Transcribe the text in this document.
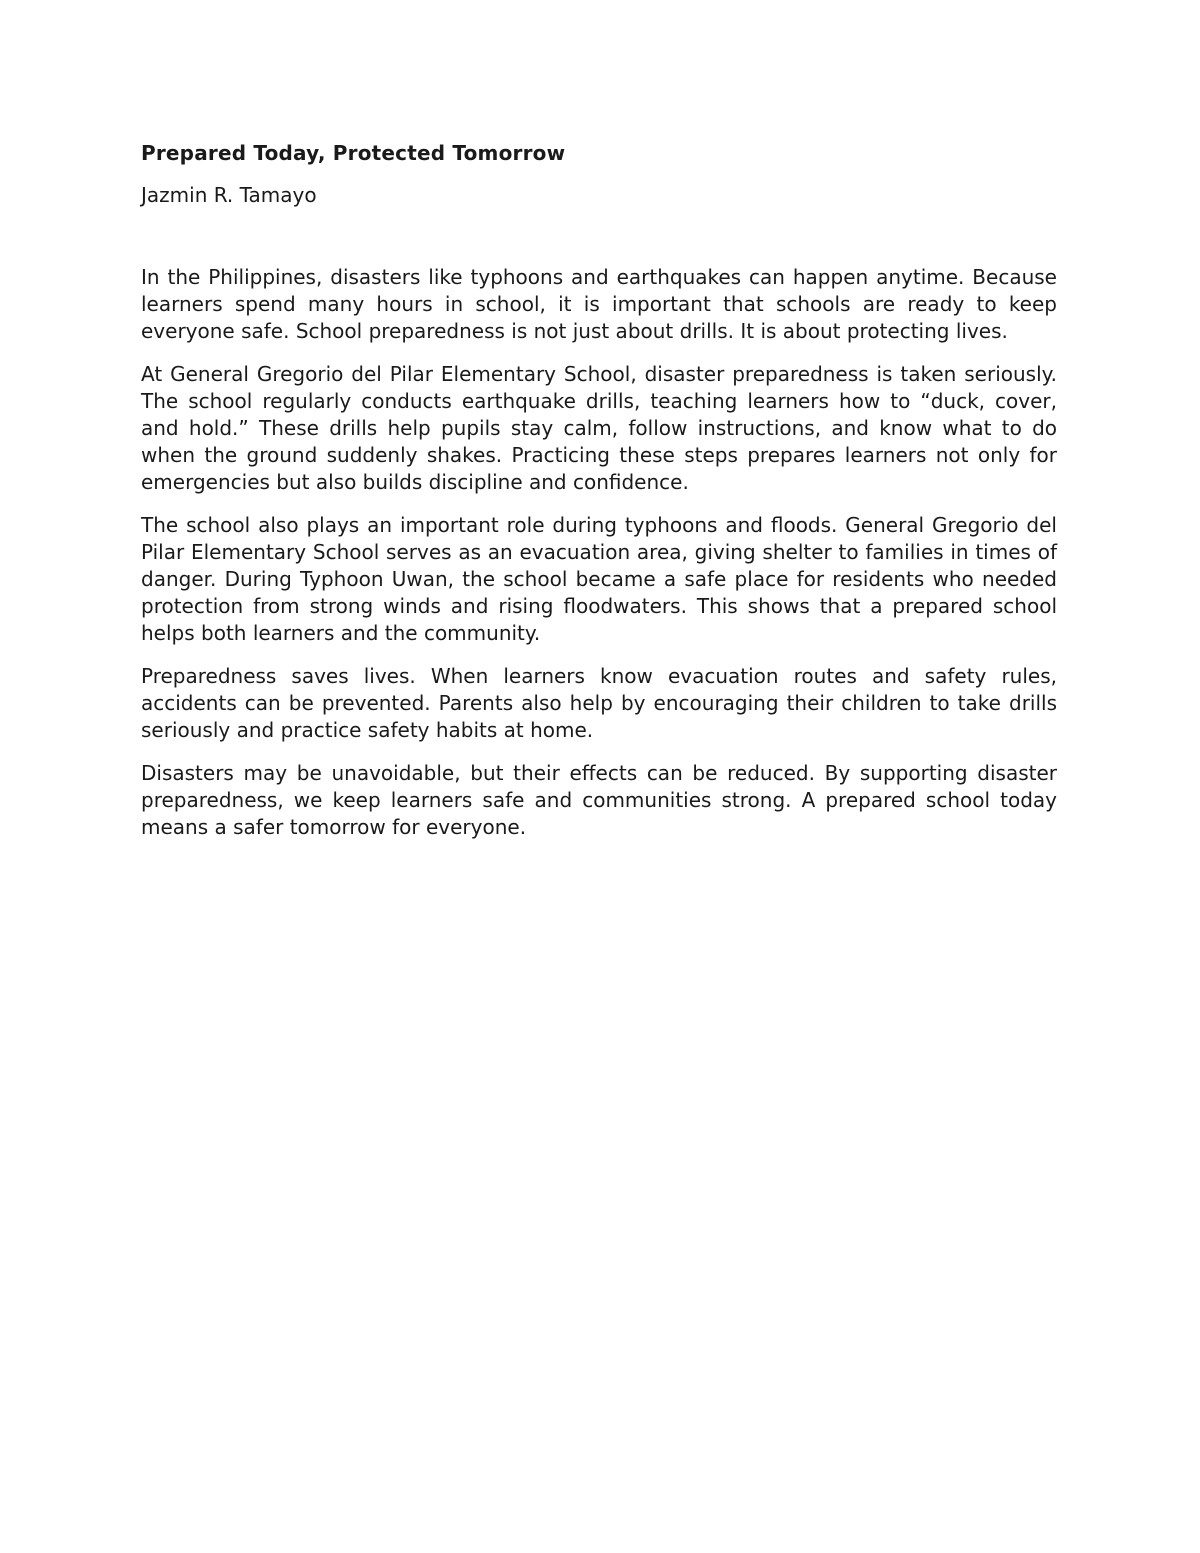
Prepared Today, Protected Tomorrow
Jazmin R. Tamayo

In the Philippines, disasters like typhoons and earthquakes can happen anytime. Because learners spend many hours in school, it is important that schools are ready to keep everyone safe. School preparedness is not just about drills. It is about protecting lives.

At General Gregorio del Pilar Elementary School, disaster preparedness is taken seriously. The school regularly conducts earthquake drills, teaching learners how to “duck, cover, and hold.” These drills help pupils stay calm, follow instructions, and know what to do when the ground suddenly shakes. Practicing these steps prepares learners not only for emergencies but also builds discipline and confidence.

The school also plays an important role during typhoons and floods. General Gregorio del Pilar Elementary School serves as an evacuation area, giving shelter to families in times of danger. During Typhoon Uwan, the school became a safe place for residents who needed protection from strong winds and rising floodwaters. This shows that a prepared school helps both learners and the community.

Preparedness saves lives. When learners know evacuation routes and safety rules, accidents can be prevented. Parents also help by encouraging their children to take drills seriously and practice safety habits at home.

Disasters may be unavoidable, but their effects can be reduced. By supporting disaster preparedness, we keep learners safe and communities strong. A prepared school today means a safer tomorrow for everyone.
